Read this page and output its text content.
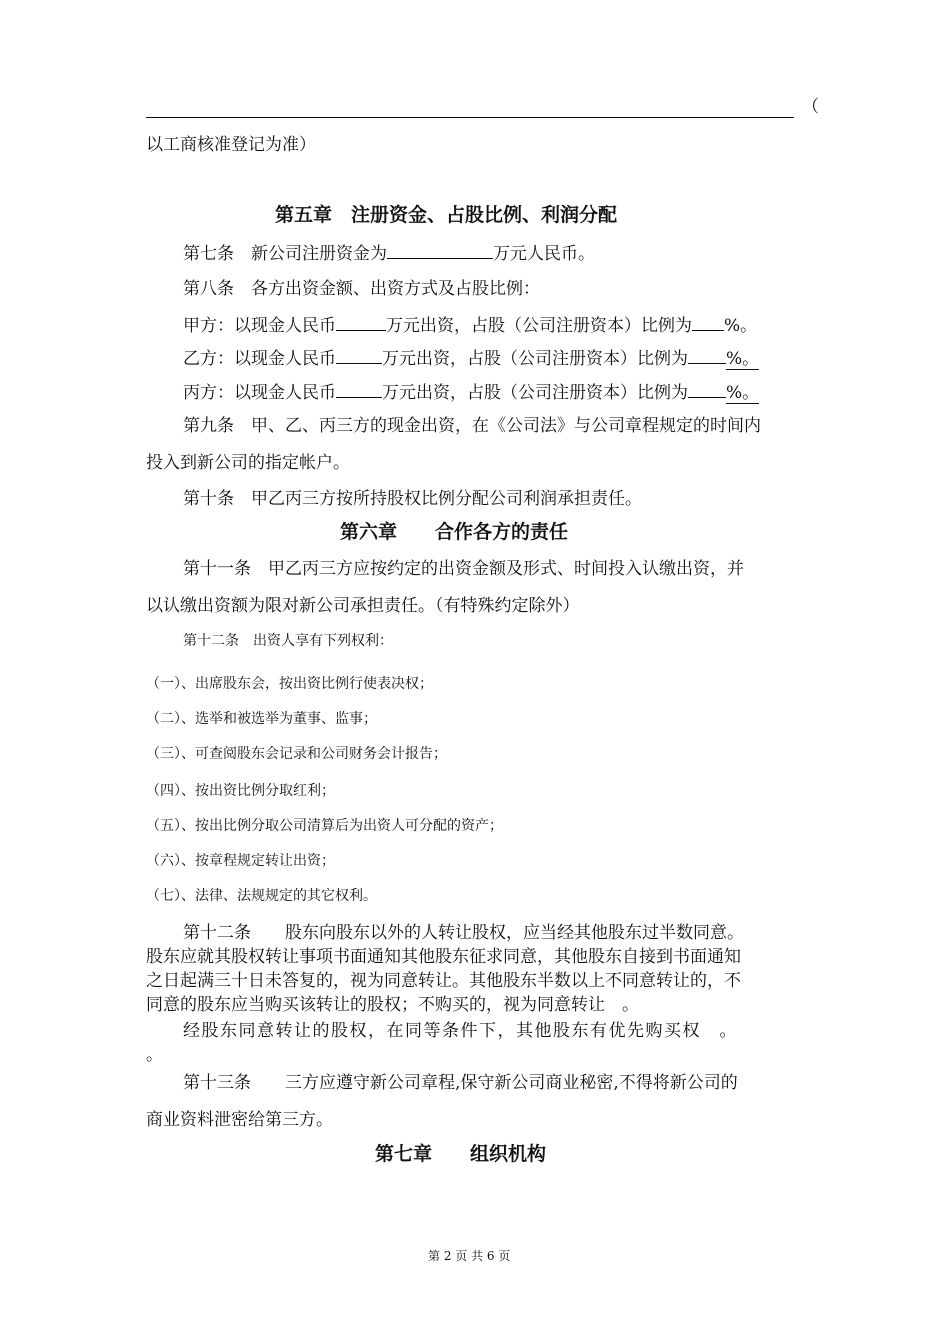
（
以工商核准登记为准）
第五章　注册资金、占股比例、利润分配
第七条　新公司注册资金为	万元人民币。
第八条　各方出资金额、出资方式及占股比例：
甲方：以现金人民币	万元出资，占股（公司注册资本）比例为 %。
乙方：以现金人民币	万元出资，占股（公司注册资本）比例为 %。
丙方：以现金人民币	万元出资，占股（公司注册资本）比例为 %。
第九条　甲、乙、丙三方的现金出资，在《公司法》与公司章程规定的时间内
投入到新公司的指定帐户。
第十条　甲乙丙三方按所持股权比例分配公司利润承担责任。
第六章　　合作各方的责任
第十一条　甲乙丙三方应按约定的出资金额及形式、时间投入认缴出资，并
以认缴出资额为限对新公司承担责任。（有特殊约定除外）
第十二条　出资人享有下列权利：
（一）、出席股东会，按出资比例行使表决权；
（二）、选举和被选举为董事、监事；
（三）、可查阅股东会记录和公司财务会计报告；
（四）、按出资比例分取红利；
（五）、按出比例分取公司清算后为出资人可分配的资产；
（六）、按章程规定转让出资；
（七）、法律、法规规定的其它权利。
第十二条　　股东向股东以外的人转让股权，应当经其他股东过半数同意。
股东应就其股权转让事项书面通知其他股东征求同意，其他股东自接到书面通知
之日起满三十日未答复的，视为同意转让。其他股东半数以上不同意转让的，不
同意的股东应当购买该转让的股权；不购买的，视为同意转让　。
经股东同意转让的股权，在同等条件下，其他股东有优先购买权　。
。
第十三条　　三方应遵守新公司章程,保守新公司商业秘密,不得将新公司的
商业资料泄密给第三方。
第七章　　组织机构
第 2 页 共 6 页
